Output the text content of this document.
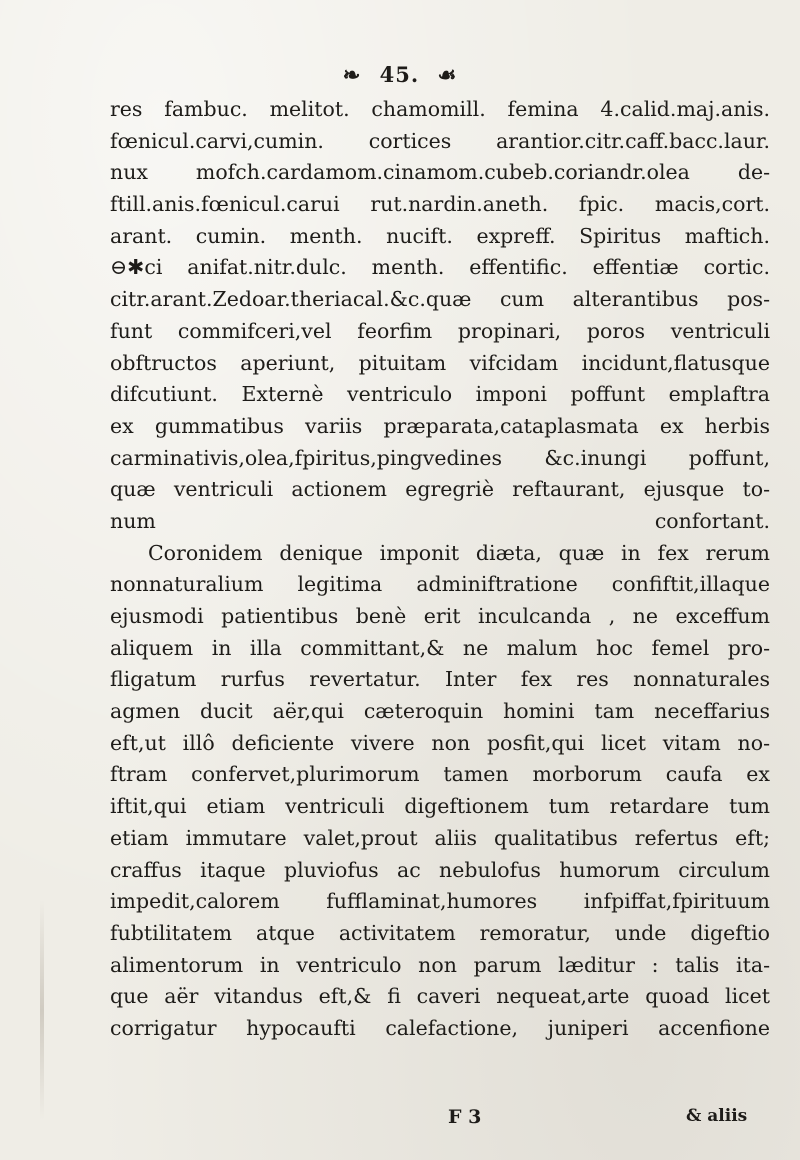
❧ 45. ☙
res fambuc. melitot. chamomill. femina 4.calid.maj.anis.
fœnicul.carvi,cumin. cortices arantior.citr.caff.bacc.laur.
nux mofch.cardamom.cinamom.cubeb.coriandr.olea de-
ftill.anis.fœnicul.carui rut.nardin.aneth. fpic. macis,cort.
arant. cumin. menth. nucift. expreff. Spiritus maftich.
⊖✱ci anifat.nitr.dulc. menth. effentific. effentiæ cortic.
citr.arant.Zedoar.theriacal.&c.quæ cum alterantibus pos-
funt commifceri,vel feorfim propinari, poros ventriculi
obftructos aperiunt, pituitam vifcidam incidunt,flatusque
difcutiunt. Externè ventriculo imponi poffunt emplaftra
ex gummatibus variis præparata,cataplasmata ex herbis
carminativis,olea,fpiritus,pingvedines &c.inungi poffunt,
quæ ventriculi actionem egregriè reftaurant, ejusque to-
num confortant.
Coronidem denique imponit diæta, quæ in fex rerum
nonnaturalium legitima adminiftratione confiftit,illaque
ejusmodi patientibus benè erit inculcanda , ne exceffum
aliquem in illa committant,& ne malum hoc femel pro-
fligatum rurfus revertatur. Inter fex res nonnaturales
agmen ducit aër,qui cæteroquin homini tam neceffarius
eft,ut illô deficiente vivere non posfit,qui licet vitam no-
ftram confervet,plurimorum tamen morborum caufa ex
iftit,qui etiam ventriculi digeftionem tum retardare tum
etiam immutare valet,prout aliis qualitatibus refertus eft;
craffus itaque pluviofus ac nebulofus humorum circulum
impedit,calorem fufflaminat,humores infpiffat,fpirituum
fubtilitatem atque activitatem remoratur, unde digeftio
alimentorum in ventriculo non parum læditur : talis ita-
que aër vitandus eft,& fi caveri nequeat,arte quoad licet
corrigatur hypocaufti calefactione, juniperi accenfione
F 3	& aliis
